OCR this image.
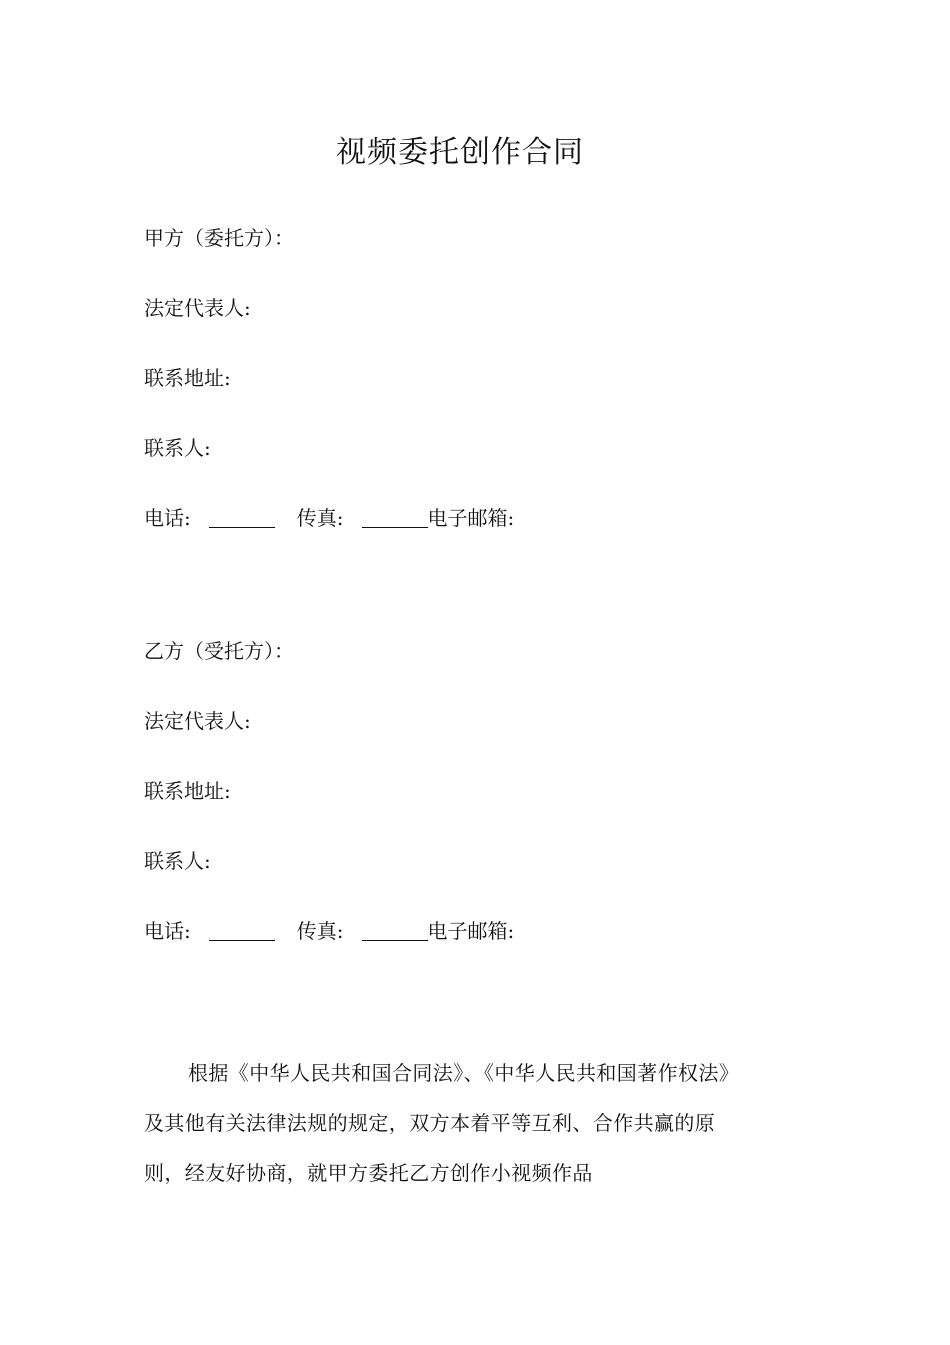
视频委托创作合同
甲方（委托方）：
法定代表人:
联系地址:
联系人:
电话:	传真:	电子邮箱:
乙方（受托方）：
法定代表人:
联系地址:
联系人:
电话:	传真:	电子邮箱:
根据《中华人民共和国合同法》、《中华人民共和国著作权法》及其他有关法律法规的规定，双方本着平等互利、合作共赢的原则，经友好协商，就甲方委托乙方创作小视频作品
